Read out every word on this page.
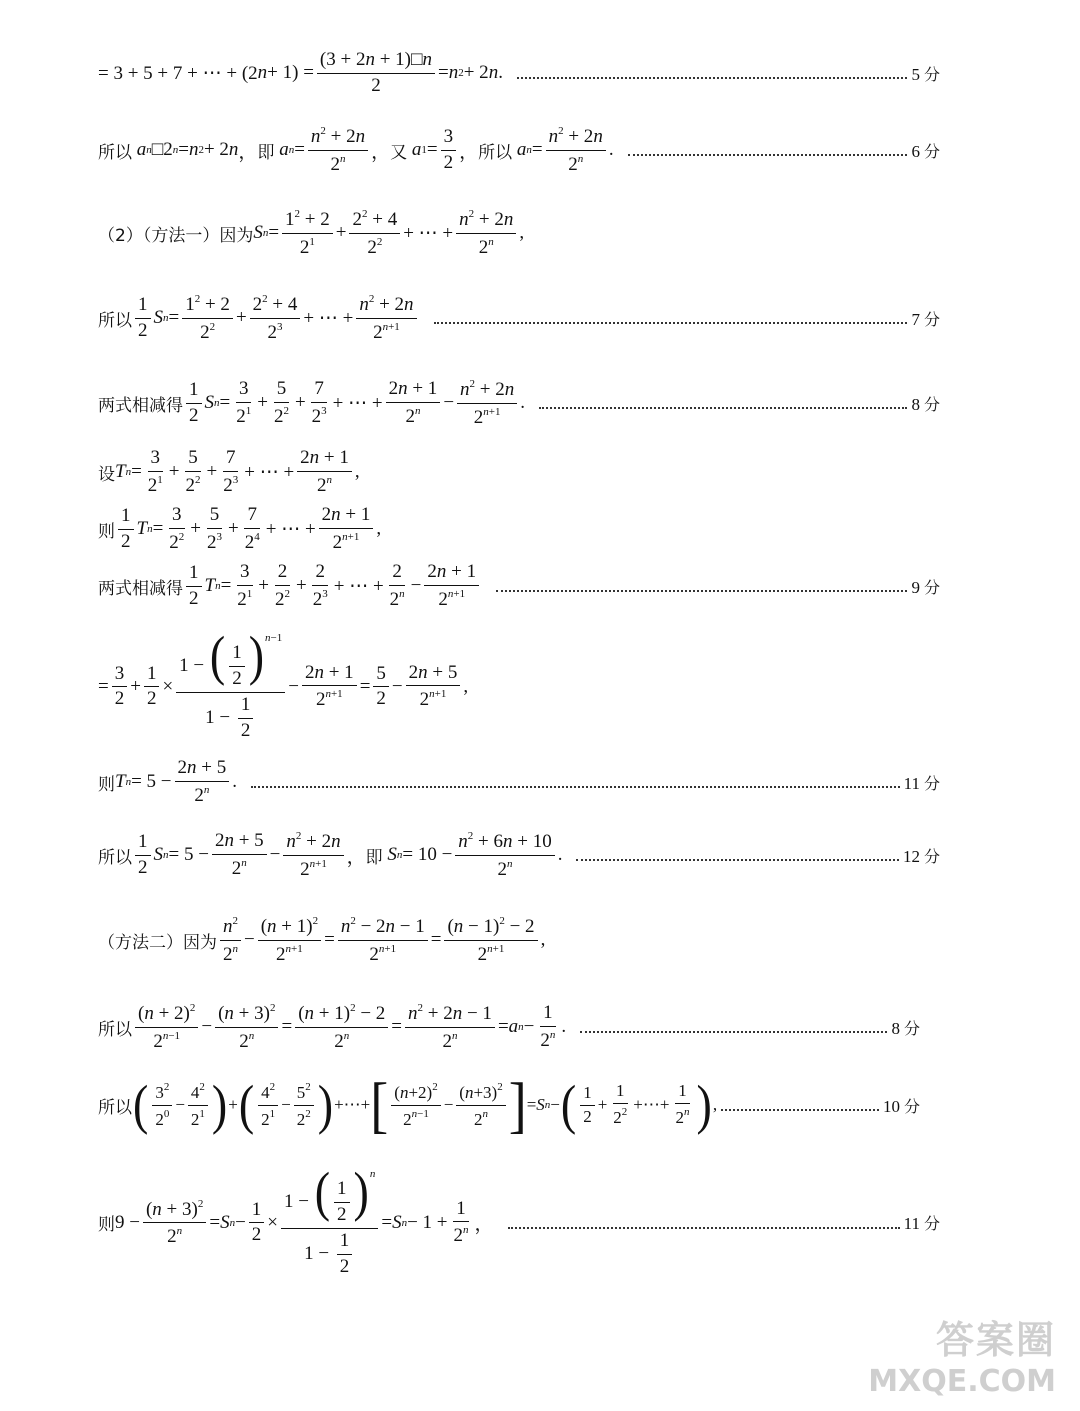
= 3 + 5 + 7 + ⋯ + (2 $n + 1) = \frac{(3 + 2n + 1)□n}{2} = n$ 2 + 2 n .	5 分
所以
a n □2 n = n 2 + 2 n ， 即
a $n = \frac{n^2 + 2n}{2^n}$ ， 又
a $1 = \frac{3}{2}$ ， 所以
a $n = \frac{n^2 + 2n}{2^n}$ .	6 分
（2）（方法一）因为 S $n = \frac{1^2 + 2}{2^1} + \frac{2^2 + 4}{2^2}$ + ⋯ + $\frac{n^2 + 2n}{2^n}$ ,
所以 $\frac{1}{2}$ S $n = \frac{1^2 + 2}{2^2} + \frac{2^2 + 4}{2^3}$ + ⋯ + $\frac{n^2 + 2n}{2^{n+1}}$	7 分
两式相减得 $\frac{1}{2}$ S $n = \frac{3}{2^1} + \frac{5}{2^2} + \frac{7}{2^3}$ + ⋯ + $\frac{2n + 1}{2^n} - \frac{n^2 + 2n}{2^{n+1}}$ .	8 分
设 T $n = \frac{3}{2^1} + \frac{5}{2^2} + \frac{7}{2^3}$ + ⋯ + $\frac{2n + 1}{2^n}$ ,
则 $\frac{1}{2}$ T $n = \frac{3}{2^2} + \frac{5}{2^3} + \frac{7}{2^4}$ + ⋯ + $\frac{2n + 1}{2^{n+1}}$ ,
两式相减得 $\frac{1}{2}$ T $n = \frac{3}{2^1} + \frac{2}{2^2} + \frac{2}{2^3}$ + ⋯ + $\frac{2}{2^n} - \frac{2n + 1}{2^{n+1}}$	9 分
= $\frac{3}{2} + \frac{1}{2} \times \frac{1 - ( \frac{1}{2} )^{n-1}}{1 - \frac{1}{2}} - \frac{2n + 1}{2^{n+1}} = \frac{5}{2} - \frac{2n + 5}{2^{n+1}}$ ,
则 T $n = 5 - \frac{2n + 5}{2^n}$ .	11 分
所以 $\frac{1}{2}$ S $n = 5 - \frac{2n + 5}{2^n} - \frac{n^2 + 2n}{2^{n+1}}$ ， 即
S $n = 10 - \frac{n^2 + 6n + 10}{2^n}$ .	12 分
（方法二）因为 $\frac{n^2}{2^n} - \frac{(n + 1)^2}{2^{n+1}} = \frac{n^2 - 2n - 1}{2^{n+1}} = \frac{(n - 1)^2 - 2}{2^{n+1}}$ ,
所以 $\frac{(n + 2)^2}{2^{n-1}} - \frac{(n + 3)^2}{2^n} = \frac{(n + 1)^2 - 2}{2^n} = \frac{n^2 + 2n - 1}{2^n} = a$ $n - \frac{1}{2^n}$ .	8 分
所以 ( $\frac{3^2}{2^0} - \frac{4^2}{2^1}$ ) + ( $\frac{4^2}{2^1} - \frac{5^2}{2^2}$ ) +⋯+ [ $\frac{(n+2)^2}{2^{n-1}} - \frac{(n+3)^2}{2^n}$ ] = S n − ( $\frac{1}{2} + \frac{1}{2^2}$ +⋯+ $\frac{1}{2^n}$ ) ,	10 分
则 $9 - \frac{(n + 3)^2}{2^n} = S$ $n - \frac{1}{2} \times \frac{1 - ( \frac{1}{2} )^n}{1 - \frac{1}{2}} = S$ $n - 1 + \frac{1}{2^n}$ ，	11 分
答案圈
MXQE.COM
